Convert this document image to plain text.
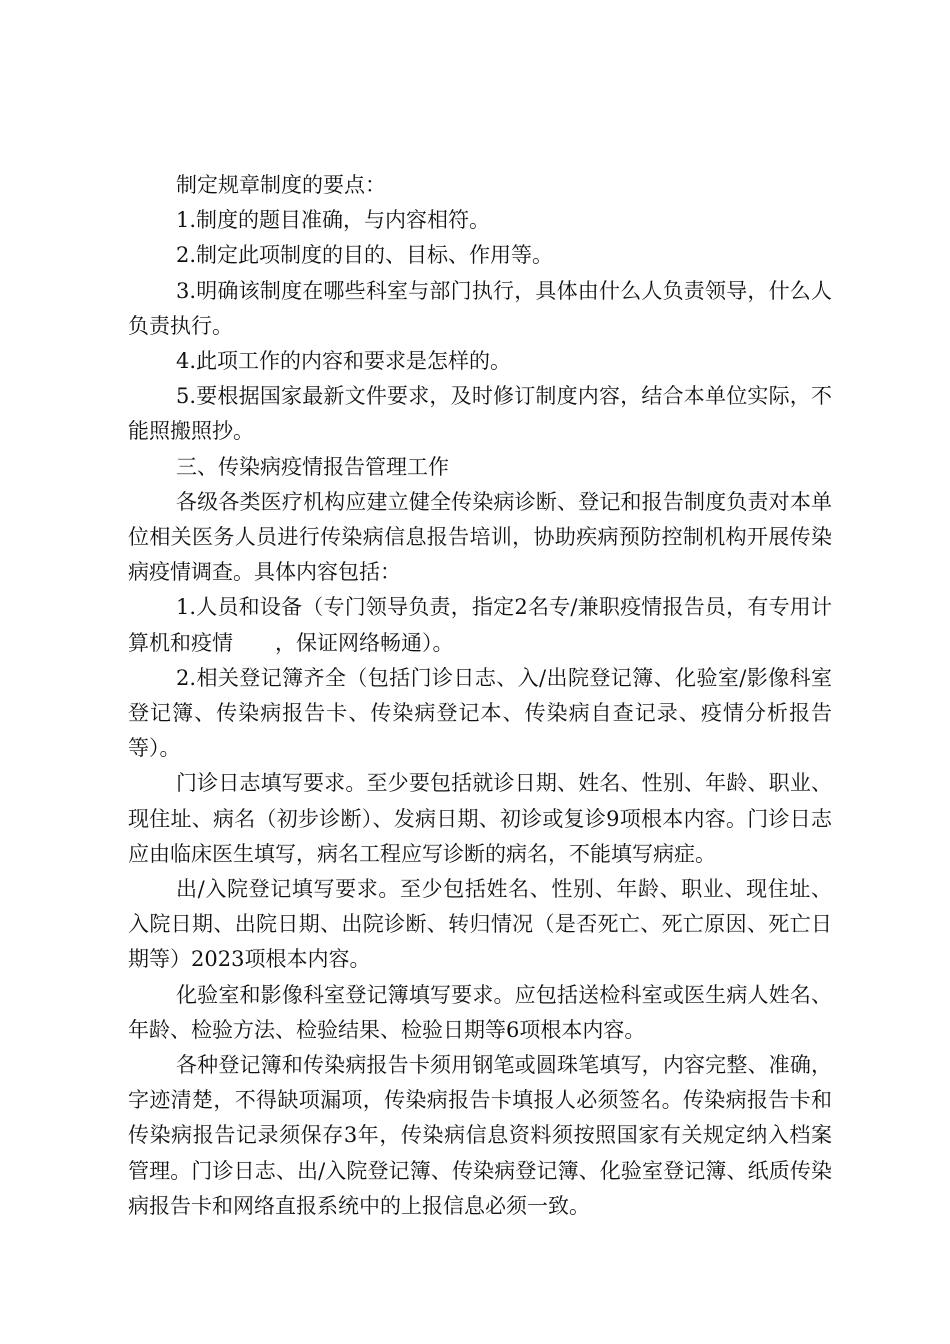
制定规章制度的要点：

1.制度的题目准确，与内容相符。

2.制定此项制度的目的、目标、作用等。

3.明确该制度在哪些科室与部门执行，具体由什么人负责领导，什么人负责执行。

4.此项工作的内容和要求是怎样的。

5.要根据国家最新文件要求，及时修订制度内容，结合本单位实际，不能照搬照抄。

三、传染病疫情报告管理工作

各级各类医疗机构应建立健全传染病诊断、登记和报告制度负责对本单位相关医务人员进行传染病信息报告培训，协助疾病预防控制机构开展传染病疫情调查。具体内容包括：

1.人员和设备（专门领导负责，指定2名专/兼职疫情报告员，有专用计算机和疫情　　，保证网络畅通）。

2.相关登记簿齐全（包括门诊日志、入/出院登记簿、化验室/影像科室登记簿、传染病报告卡、传染病登记本、传染病自查记录、疫情分析报告等）。

门诊日志填写要求。至少要包括就诊日期、姓名、性别、年龄、职业、现住址、病名（初步诊断）、发病日期、初诊或复诊9项根本内容。门诊日志应由临床医生填写，病名工程应写诊断的病名，不能填写病症。

出/入院登记填写要求。至少包括姓名、性别、年龄、职业、现住址、入院日期、出院日期、出院诊断、转归情况（是否死亡、死亡原因、死亡日期等）2023项根本内容。

化验室和影像科室登记簿填写要求。应包括送检科室或医生病人姓名、年龄、检验方法、检验结果、检验日期等6项根本内容。

各种登记簿和传染病报告卡须用钢笔或圆珠笔填写，内容完整、准确，字迹清楚，不得缺项漏项，传染病报告卡填报人必须签名。传染病报告卡和传染病报告记录须保存3年，传染病信息资料须按照国家有关规定纳入档案管理。门诊日志、出/入院登记簿、传染病登记簿、化验室登记簿、纸质传染病报告卡和网络直报系统中的上报信息必须一致。
